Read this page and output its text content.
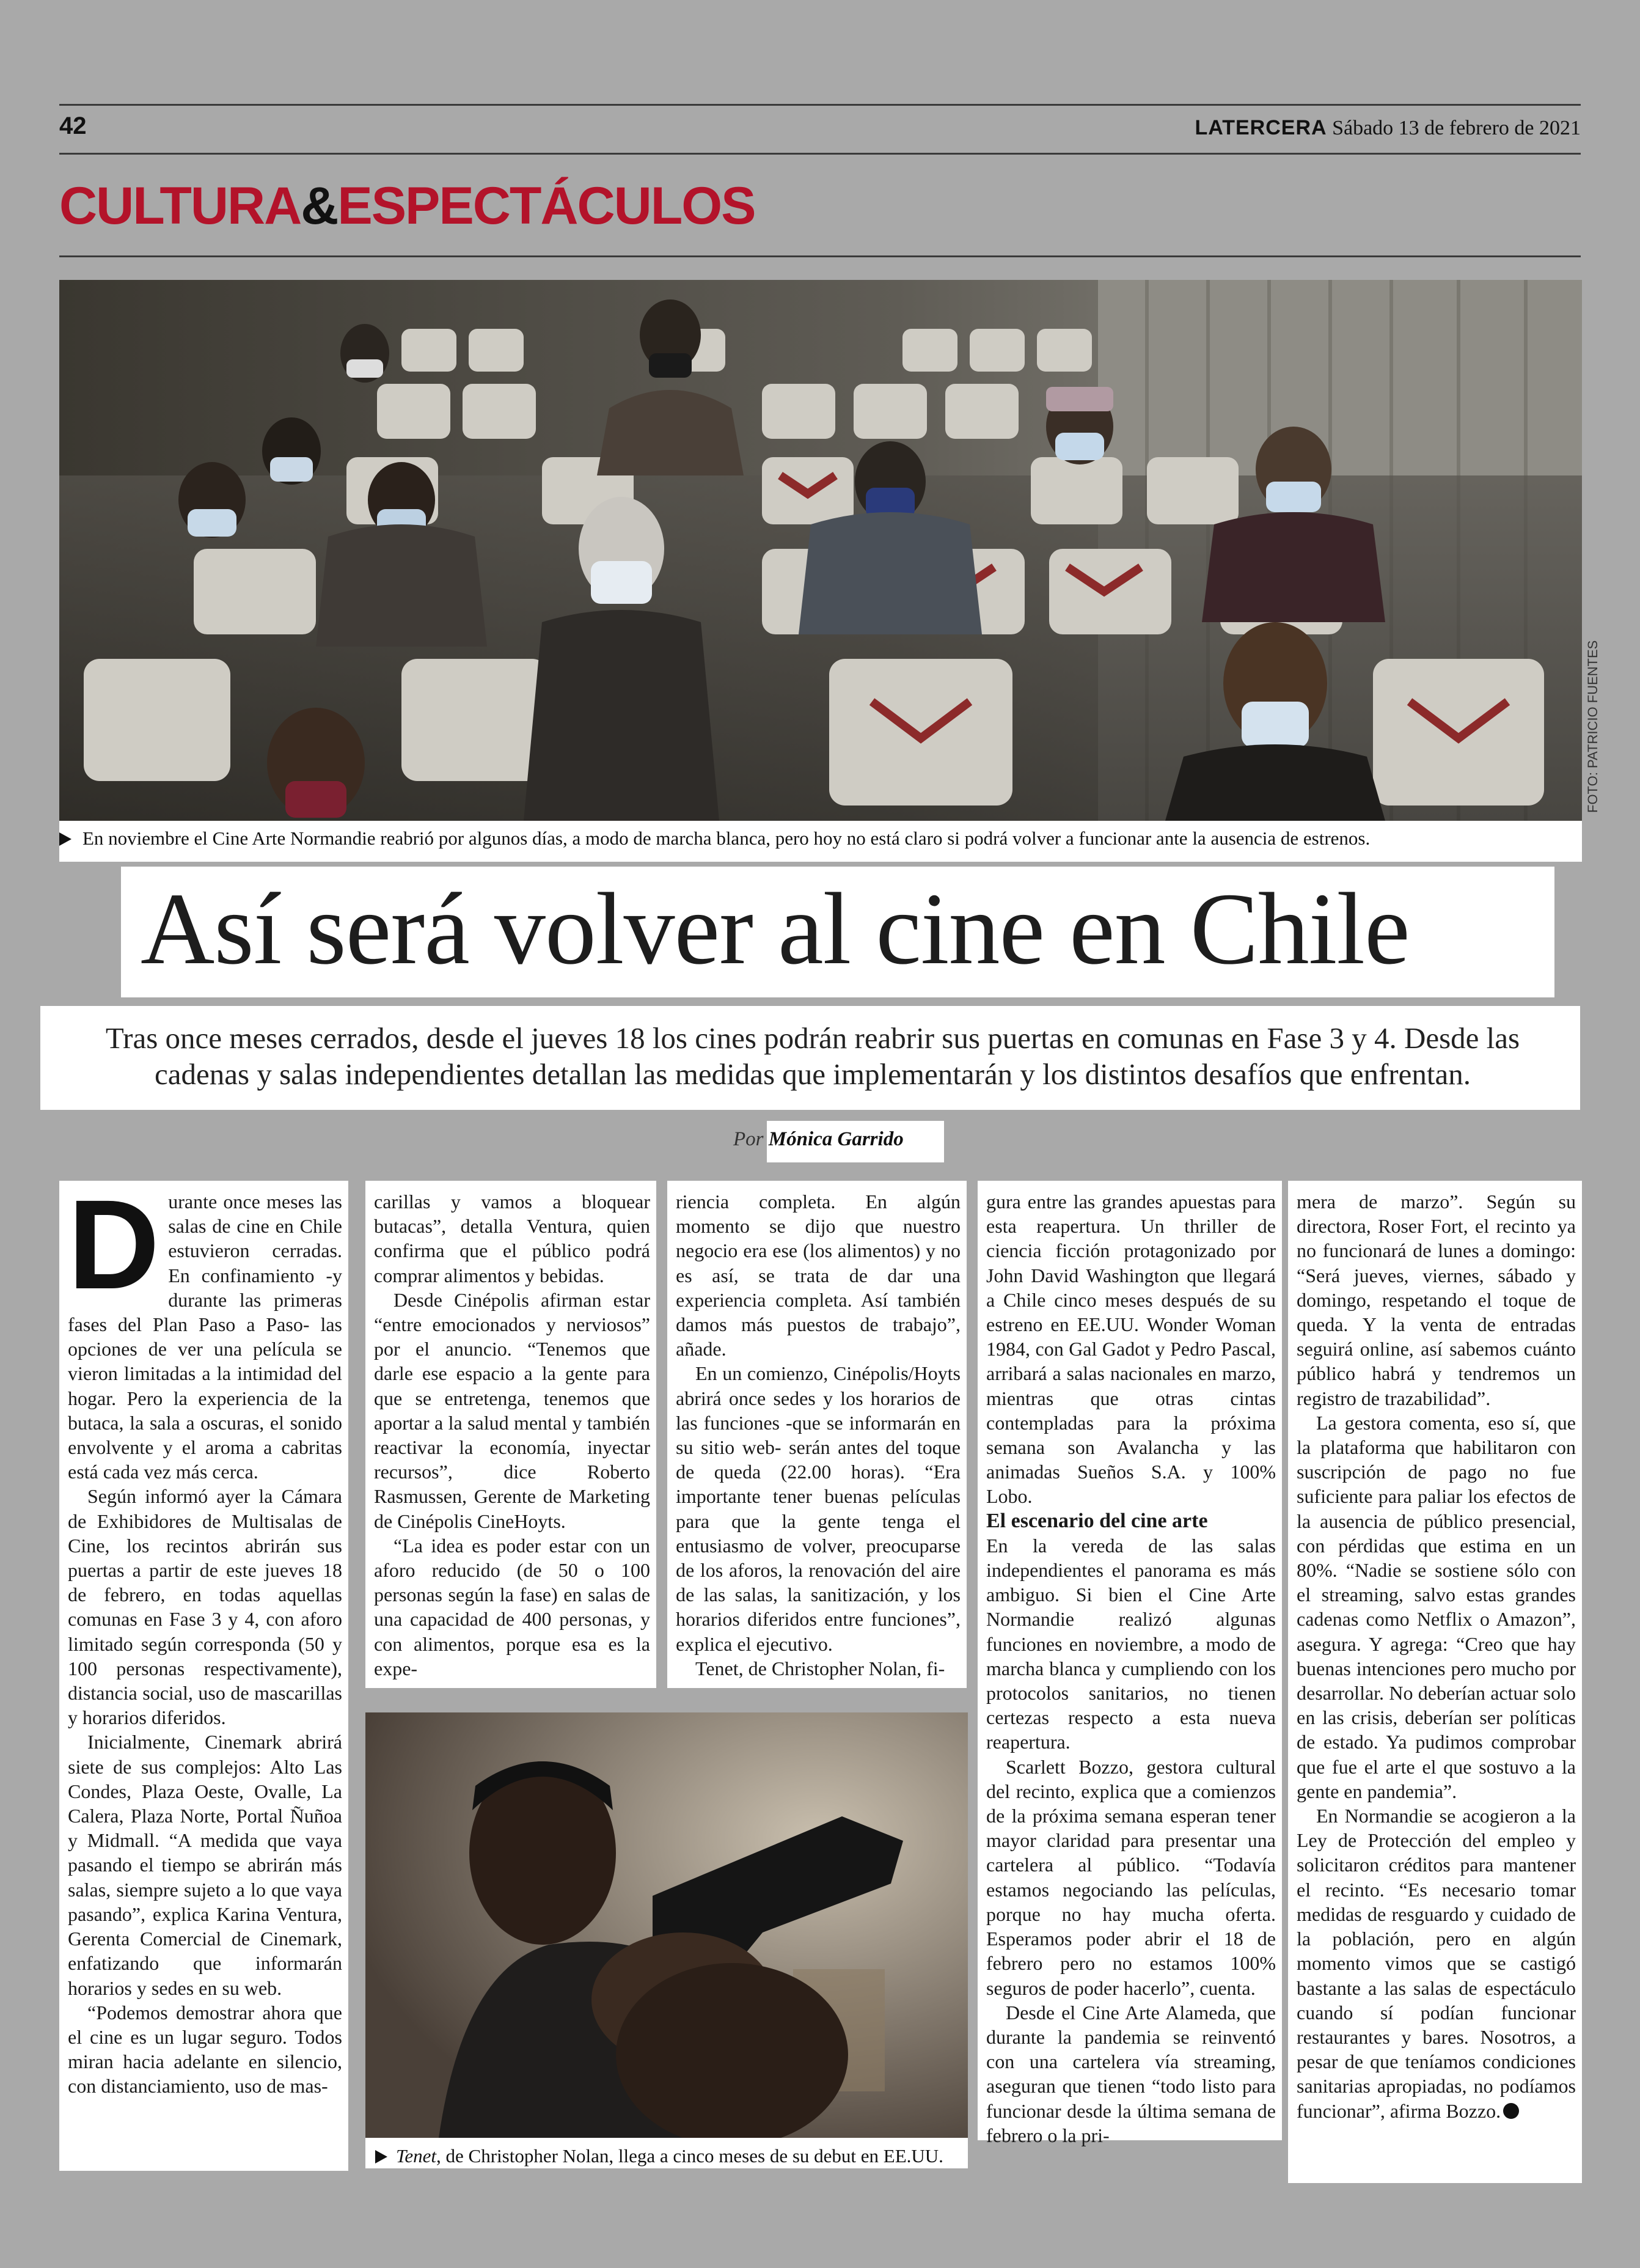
42	LATERCERA Sábado 13 de febrero de 2021
CULTURA&ESPECTÁCULOS
En noviembre el Cine Arte Normandie reabrió por algunos días, a modo de marcha blanca, pero hoy no está claro si podrá volver a funcionar ante la ausencia de estrenos.
FOTO: PATRICIO FUENTES
Así será volver al cine en Chile
Tras once meses cerrados, desde el jueves 18 los cines podrán reabrir sus puertas en comunas en Fase 3 y 4. Desde las cadenas y salas independientes detallan las medidas que implementarán y los distintos desafíos que enfrentan.
Por Mónica Garrido
D urante once meses las salas de cine en Chile estuvieron cerradas. En confinamiento -y durante las primeras fases del Plan Paso a Paso- las opciones de ver una película se vieron limitadas a la intimidad del hogar. Pero la experiencia de la butaca, la sala a oscuras, el sonido envolvente y el aroma a cabritas está cada vez más cerca.

Según informó ayer la Cámara de Exhibidores de Multisalas de Cine, los recintos abrirán sus puertas a partir de este jueves 18 de febrero, en todas aquellas comunas en Fase 3 y 4, con aforo limitado según corresponda (50 y 100 personas respectivamente), distancia social, uso de mascarillas y horarios diferidos.

Inicialmente, Cinemark abrirá siete de sus complejos: Alto Las Condes, Plaza Oeste, Ovalle, La Calera, Plaza Norte, Portal Ñuñoa y Midmall. “A medida que vaya pasando el tiempo se abrirán más salas, siempre sujeto a lo que vaya pasando”, explica Karina Ventura, Gerenta Comercial de Cinemark, enfatizando que informarán horarios y sedes en su web.

“Podemos demostrar ahora que el cine es un lugar seguro. Todos miran hacia adelante en silencio, con distanciamiento, uso de mas-

carillas y vamos a bloquear butacas”, detalla Ventura, quien confirma que el público podrá comprar alimentos y bebidas.

Desde Cinépolis afirman estar “entre emocionados y nerviosos” por el anuncio. “Tenemos que darle ese espacio a la gente para que se entretenga, tenemos que aportar a la salud mental y también reactivar la economía, inyectar recursos”, dice Roberto Rasmussen, Gerente de Marketing de Cinépolis CineHoyts.

“La idea es poder estar con un aforo reducido (de 50 o 100 personas según la fase) en salas de una capacidad de 400 personas, y con alimentos, porque esa es la expe-

riencia completa. En algún momento se dijo que nuestro negocio era ese (los alimentos) y no es así, se trata de dar una experiencia completa. Así también damos más puestos de trabajo”, añade.

En un comienzo, Cinépolis/Hoyts abrirá once sedes y los horarios de las funciones -que se informarán en su sitio web- serán antes del toque de queda (22.00 horas). “Era importante tener buenas películas para que la gente tenga el entusiasmo de volver, preocuparse de los aforos, la renovación del aire de las salas, la sanitización, y los horarios diferidos entre funciones”, explica el ejecutivo.

Tenet, de Christopher Nolan, fi-

Tenet, de Christopher Nolan, llega a cinco meses de su debut en EE.UU.

gura entre las grandes apuestas para esta reapertura. Un thriller de ciencia ficción protagonizado por John David Washington que llegará a Chile cinco meses después de su estreno en EE.UU. Wonder Woman 1984, con Gal Gadot y Pedro Pascal, arribará a salas nacionales en marzo, mientras que otras cintas contempladas para la próxima semana son Avalancha y las animadas Sueños S.A. y 100% Lobo.

El escenario del cine arte

En la vereda de las salas independientes el panorama es más ambiguo. Si bien el Cine Arte Normandie realizó algunas funciones en noviembre, a modo de marcha blanca y cumpliendo con los protocolos sanitarios, no tienen certezas respecto a esta nueva reapertura.

Scarlett Bozzo, gestora cultural del recinto, explica que a comienzos de la próxima semana esperan tener mayor claridad para presentar una cartelera al público. “Todavía estamos negociando las películas, porque no hay mucha oferta. Esperamos poder abrir el 18 de febrero pero no estamos 100% seguros de poder hacerlo”, cuenta.

Desde el Cine Arte Alameda, que durante la pandemia se reinventó con una cartelera vía streaming, aseguran que tienen “todo listo para funcionar desde la última semana de febrero o la pri-

mera de marzo”. Según su directora, Roser Fort, el recinto ya no funcionará de lunes a domingo: “Será jueves, viernes, sábado y domingo, respetando el toque de queda. Y la venta de entradas seguirá online, así sabemos cuánto público habrá y tendremos un registro de trazabilidad”.

La gestora comenta, eso sí, que la plataforma que habilitaron con suscripción de pago no fue suficiente para paliar los efectos de la ausencia de público presencial, con pérdidas que estima en un 80%. “Nadie se sostiene sólo con el streaming, salvo estas grandes cadenas como Netflix o Amazon”, asegura. Y agrega: “Creo que hay buenas intenciones pero mucho por desarrollar. No deberían actuar solo en las crisis, deberían ser políticas de estado. Ya pudimos comprobar que fue el arte el que sostuvo a la gente en pandemia”.

En Normandie se acogieron a la Ley de Protección del empleo y solicitaron créditos para mantener el recinto. “Es necesario tomar medidas de resguardo y cuidado de la población, pero en algún momento vimos que se castigó bastante a las salas de espectáculo cuando sí podían funcionar restaurantes y bares. Nosotros, a pesar de que teníamos condiciones sanitarias apropiadas, no podíamos funcionar”, afirma Bozzo.
